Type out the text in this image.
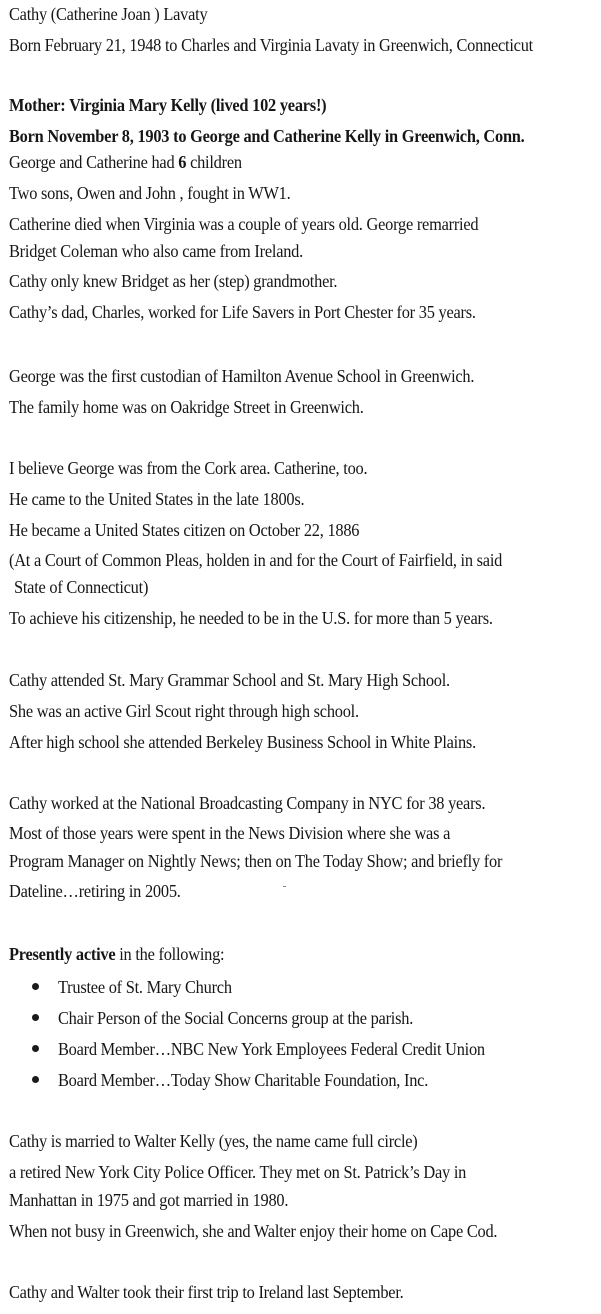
Cathy (Catherine Joan ) Lavaty
Born February 21, 1948 to Charles and Virginia Lavaty in Greenwich, Connecticut
Mother: Virginia Mary Kelly (lived 102 years!)
Born November 8, 1903 to George and Catherine Kelly in Greenwich, Conn.
George and Catherine had 6 children
Two sons, Owen and John , fought in WW1.
Catherine died when Virginia was a couple of years old. George remarried
Bridget Coleman who also came from Ireland.
Cathy only knew Bridget as her (step) grandmother.
Cathy’s dad, Charles, worked for Life Savers in Port Chester for 35 years.
George was the first custodian of Hamilton Avenue School in Greenwich.
The family home was on Oakridge Street in Greenwich.
I believe George was from the Cork area. Catherine, too.
He came to the United States in the late 1800s.
He became a United States citizen on October 22, 1886
(At a Court of Common Pleas, holden in and for the Court of Fairfield, in said
State of Connecticut)
To achieve his citizenship, he needed to be in the U.S. for more than 5 years.
Cathy attended St. Mary Grammar School and St. Mary High School.
She was an active Girl Scout right through high school.
After high school she attended Berkeley Business School in White Plains.
Cathy worked at the National Broadcasting Company in NYC for 38 years.
Most of those years were spent in the News Division where she was a
Program Manager on Nightly News; then on The Today Show; and briefly for
Dateline…retiring in 2005.
Presently active in the following:
Trustee of St. Mary Church
Chair Person of the Social Concerns group at the parish.
Board Member…NBC New York Employees Federal Credit Union
Board Member…Today Show Charitable Foundation, Inc.
Cathy is married to Walter Kelly (yes, the name came full circle)
a retired New York City Police Officer. They met on St. Patrick’s Day in
Manhattan in 1975 and got married in 1980.
When not busy in Greenwich, she and Walter enjoy their home on Cape Cod.
Cathy and Walter took their first trip to Ireland last September.
